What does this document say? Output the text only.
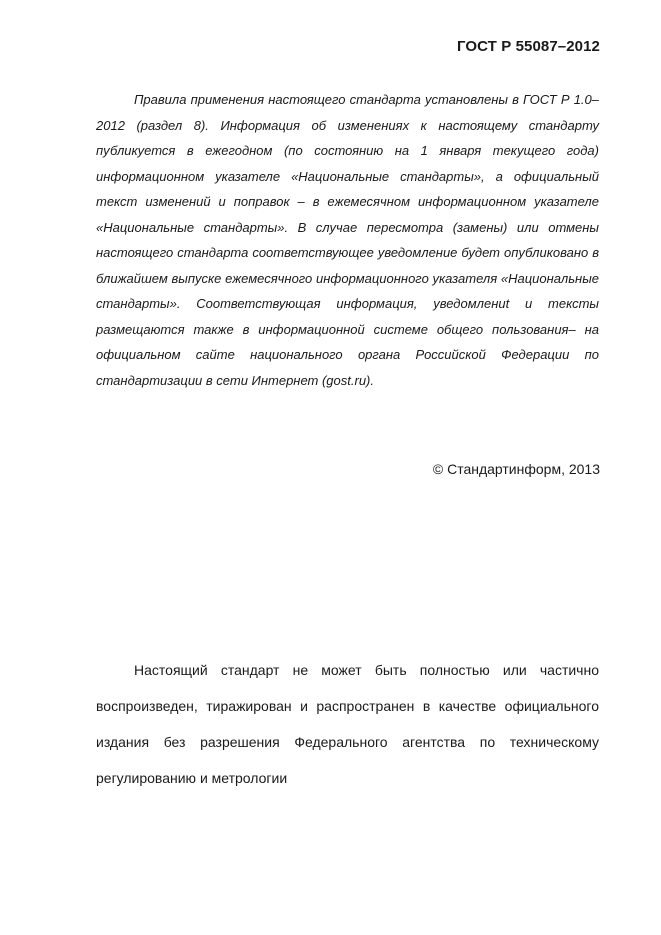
ГОСТ Р 55087–2012

Правила применения настоящего стандарта установлены в ГОСТ Р 1.0–2012 (раздел 8). Информация об изменениях к настоящему стандарту публикуется в ежегодном (по состоянию на 1 января текущего года) информационном указателе «Национальные стандарты», а официальный текст изменений и поправок – в ежемесячном информационном указателе «Национальные стандарты». В случае пересмотра (замены) или отмены настоящего стандарта соответствующее уведомление будет опубликовано в ближайшем выпуске ежемесячного информационного указателя «Национальные стандарты». Соответствующая информация, уведомлениt и тексты размещаются также в информационной системе общего пользования– на официальном сайте национального органа Российской Федерации по стандартизации в сети Интернет (gost.ru).

© Стандартинформ, 2013

Настоящий стандарт не может быть полностью или частично воспроизведен, тиражирован и распространен в качестве официального издания без разрешения Федерального агентства по техническому регулированию и метрологии
